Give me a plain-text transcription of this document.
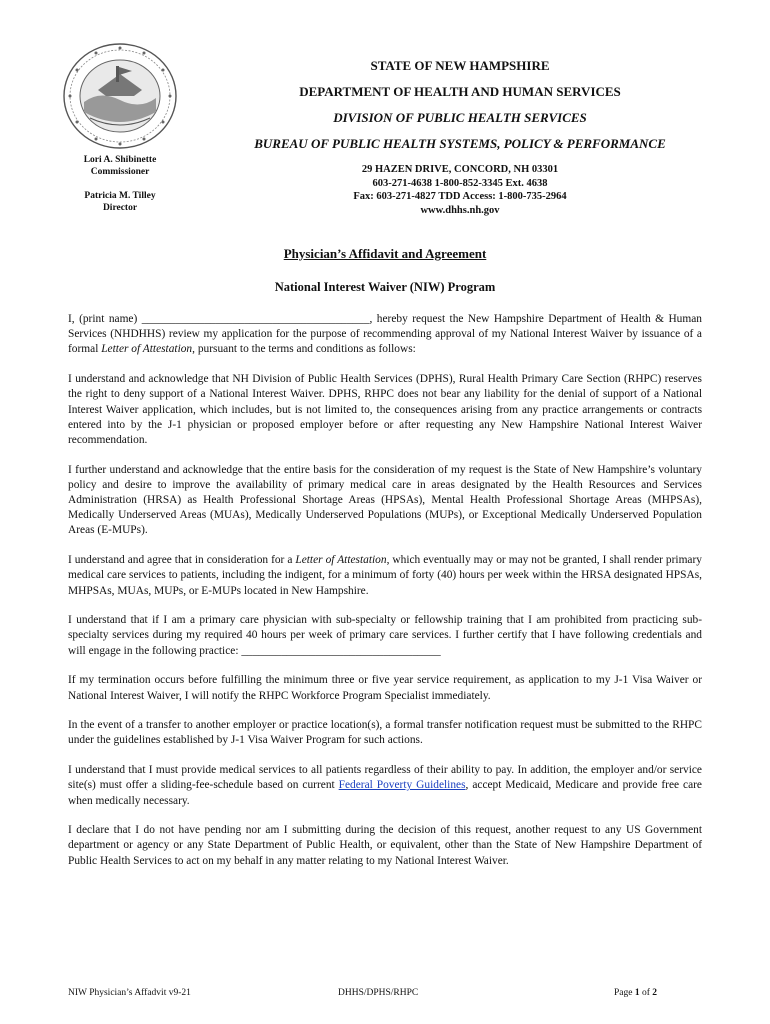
STATE OF NEW HAMPSHIRE
DEPARTMENT OF HEALTH AND HUMAN SERVICES
DIVISION OF PUBLIC HEALTH SERVICES
BUREAU OF PUBLIC HEALTH SYSTEMS, POLICY & PERFORMANCE
Lori A. Shibinette
Commissioner
Patricia M. Tilley
Director
29 HAZEN DRIVE, CONCORD, NH 03301
603-271-4638 1-800-852-3345 Ext. 4638
Fax: 603-271-4827 TDD Access: 1-800-735-2964
www.dhhs.nh.gov
Physician’s Affidavit and Agreement
National Interest Waiver (NIW) Program

I, (print name) ________________________________________, hereby request the New Hampshire Department of Health & Human Services (NHDHHS) review my application for the purpose of recommending approval of my National Interest Waiver by issuance of a formal Letter of Attestation, pursuant to the terms and conditions as follows:

I understand and acknowledge that NH Division of Public Health Services (DPHS), Rural Health Primary Care Section (RHPC) reserves the right to deny support of a National Interest Waiver. DPHS, RHPC does not bear any liability for the denial of support of a National Interest Waiver application, which includes, but is not limited to, the consequences arising from any practice arrangements or contracts entered into by the J-1 physician or proposed employer before or after requesting any New Hampshire National Interest Waiver recommendation.

I further understand and acknowledge that the entire basis for the consideration of my request is the State of New Hampshire’s voluntary policy and desire to improve the availability of primary medical care in areas designated by the Health Resources and Services Administration (HRSA) as Health Professional Shortage Areas (HPSAs), Mental Health Professional Shortage Areas (MHPSAs), Medically Underserved Areas (MUAs), Medically Underserved Populations (MUPs), or Exceptional Medically Underserved Population Areas (E-MUPs).

I understand and agree that in consideration for a Letter of Attestation, which eventually may or may not be granted, I shall render primary medical care services to patients, including the indigent, for a minimum of forty (40) hours per week within the HRSA designated HPSAs, MHPSAs, MUAs, MUPs, or E-MUPs located in New Hampshire.

I understand that if I am a primary care physician with sub-specialty or fellowship training that I am prohibited from practicing sub-specialty services during my required 40 hours per week of primary care services. I further certify that I have following credentials and will engage in the following practice: ___________________________________

If my termination occurs before fulfilling the minimum three or five year service requirement, as application to my J-1 Visa Waiver or National Interest Waiver, I will notify the RHPC Workforce Program Specialist immediately.

In the event of a transfer to another employer or practice location(s), a formal transfer notification request must be submitted to the RHPC under the guidelines established by J-1 Visa Waiver Program for such actions.

I understand that I must provide medical services to all patients regardless of their ability to pay. In addition, the employer and/or service site(s) must offer a sliding-fee-schedule based on current Federal Poverty Guidelines, accept Medicaid, Medicare and provide free care when medically necessary.

I declare that I do not have pending nor am I submitting during the decision of this request, another request to any US Government department or agency or any State Department of Public Health, or equivalent, other than the State of New Hampshire Department of Public Health Services to act on my behalf in any matter relating to my National Interest Waiver.

NIW Physician’s Affadvit v9-21	DHHS/DPHS/RHPC	Page 1 of 2
